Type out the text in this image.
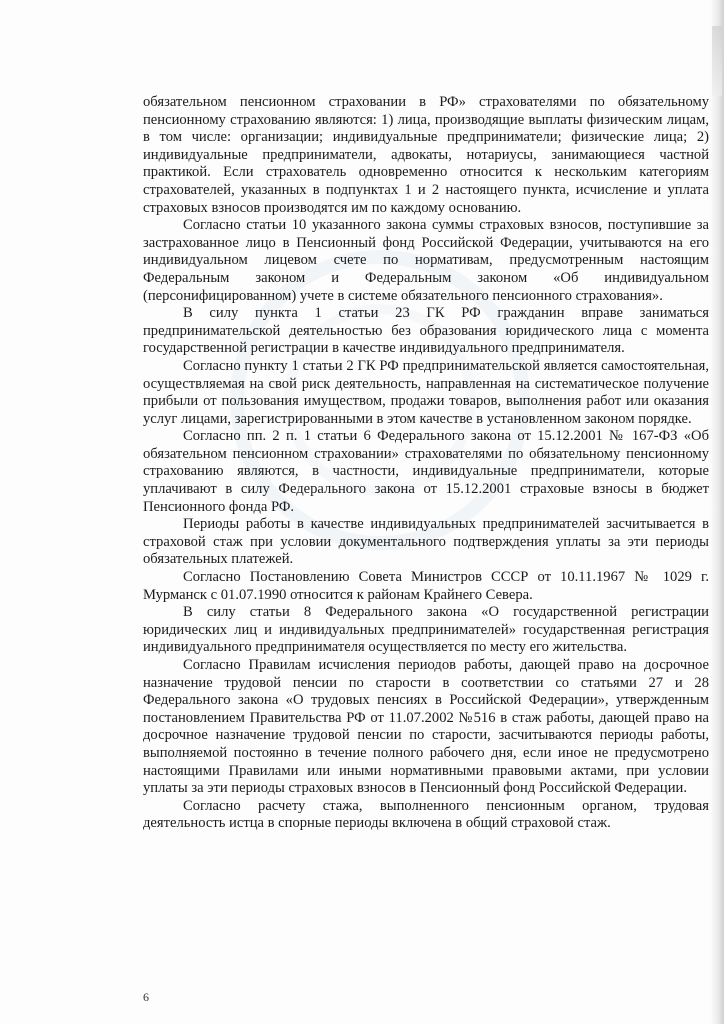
обязательном пенсионном страховании в РФ» страхователями по обязательному пенсионному страхованию являются: 1) лица, производящие выплаты физическим лицам, в том числе: организации; индивидуальные предприниматели; физические лица; 2) индивидуальные предприниматели, адвокаты, нотариусы, занимающиеся частной практикой. Если страхователь одновременно относится к нескольким категориям страхователей, указанных в подпунктах 1 и 2 настоящего пункта, исчисление и уплата страховых взносов производятся им по каждому основанию.

Согласно статьи 10 указанного закона суммы страховых взносов, поступившие за застрахованное лицо в Пенсионный фонд Российской Федерации, учитываются на его индивидуальном лицевом счете по нормативам, предусмотренным настоящим Федеральным законом и Федеральным законом «Об индивидуальном (персонифицированном) учете в системе обязательного пенсионного страхования».

В силу пункта 1 статьи 23 ГК РФ гражданин вправе заниматься предпринимательской деятельностью без образования юридического лица с момента государственной регистрации в качестве индивидуального предпринимателя.

Согласно пункту 1 статьи 2 ГК РФ предпринимательской является самостоятельная, осуществляемая на свой риск деятельность, направленная на систематическое получение прибыли от пользования имуществом, продажи товаров, выполнения работ или оказания услуг лицами, зарегистрированными в этом качестве в установленном законом порядке.

Согласно пп. 2 п. 1 статьи 6 Федерального закона от 15.12.2001 № 167-ФЗ «Об обязательном пенсионном страховании» страхователями по обязательному пенсионному страхованию являются, в частности, индивидуальные предприниматели, которые уплачивают в силу Федерального закона от 15.12.2001 страховые взносы в бюджет Пенсионного фонда РФ.

Периоды работы в качестве индивидуальных предпринимателей засчитывается в страховой стаж при условии документального подтверждения уплаты за эти периоды обязательных платежей.

Согласно Постановлению Совета Министров СССР от 10.11.1967 № 1029 г. Мурманск с 01.07.1990 относится к районам Крайнего Севера.

В силу статьи 8 Федерального закона «О государственной регистрации юридических лиц и индивидуальных предпринимателей» государственная регистрация индивидуального предпринимателя осуществляется по месту его жительства.

Согласно Правилам исчисления периодов работы, дающей право на досрочное назначение трудовой пенсии по старости в соответствии со статьями 27 и 28 Федерального закона «О трудовых пенсиях в Российской Федерации», утвержденным постановлением Правительства РФ от 11.07.2002 №516 в стаж работы, дающей право на досрочное назначение трудовой пенсии по старости, засчитываются периоды работы, выполняемой постоянно в течение полного рабочего дня, если иное не предусмотрено настоящими Правилами или иными нормативными правовыми актами, при условии уплаты за эти периоды страховых взносов в Пенсионный фонд Российской Федерации.

Согласно расчету стажа, выполненного пенсионным органом, трудовая деятельность истца в спорные периоды включена в общий страховой стаж.

6
